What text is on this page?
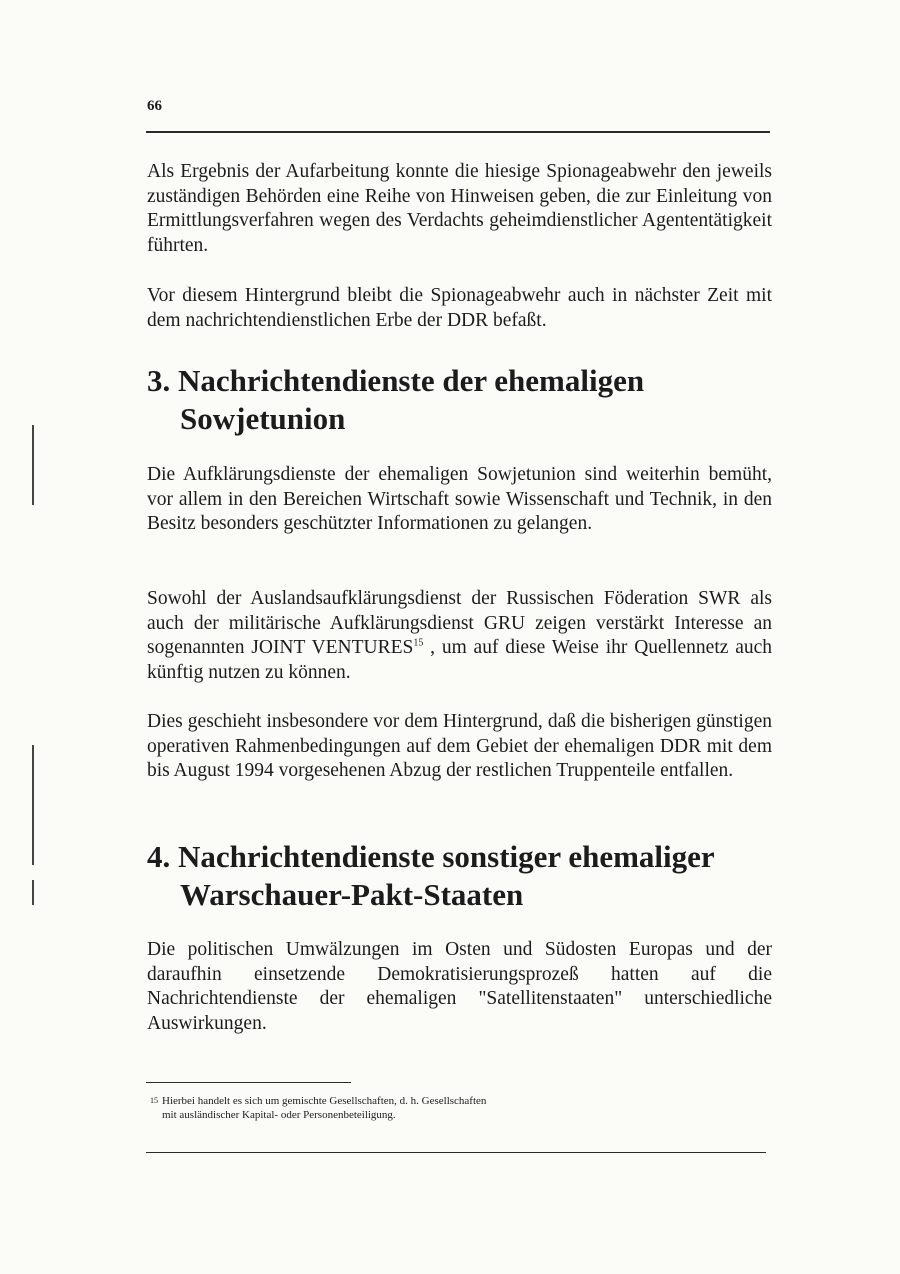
66

Als Ergebnis der Aufarbeitung konnte die hiesige Spionageabwehr den jeweils zuständigen Behörden eine Reihe von Hinweisen geben, die zur Einleitung von Ermittlungsverfahren wegen des Verdachts geheimdienstlicher Agententätigkeit führten.

Vor diesem Hintergrund bleibt die Spionageabwehr auch in nächster Zeit mit dem nachrichtendienstlichen Erbe der DDR befaßt.

3. Nachrichtendienste der ehemaligen
Sowjetunion

Die Aufklärungsdienste der ehemaligen Sowjetunion sind weiterhin bemüht, vor allem in den Bereichen Wirtschaft sowie Wissenschaft und Technik, in den Besitz besonders geschützter Informationen zu gelangen.

Sowohl der Auslandsaufklärungsdienst der Russischen Föderation SWR als auch der militärische Aufklärungsdienst GRU zeigen verstärkt Interesse an sogenannten JOINT VENTURES$^{15}$ , um auf diese Weise ihr Quellennetz auch künftig nutzen zu können.

Dies geschieht insbesondere vor dem Hintergrund, daß die bisherigen günstigen operativen Rahmenbedingungen auf dem Gebiet der ehemaligen DDR mit dem bis August 1994 vorgesehenen Abzug der restlichen Truppenteile entfallen.

4. Nachrichtendienste sonstiger ehemaliger
Warschauer-Pakt-Staaten

Die politischen Umwälzungen im Osten und Südosten Europas und der daraufhin einsetzende Demokratisierungsprozeß hatten auf die Nachrichtendienste der ehemaligen "Satellitenstaaten" unterschiedliche Auswirkungen.

$^{15}$ Hierbei handelt es sich um gemischte Gesellschaften, d. h. Gesellschaften
mit ausländischer Kapital- oder Personenbeteiligung.
